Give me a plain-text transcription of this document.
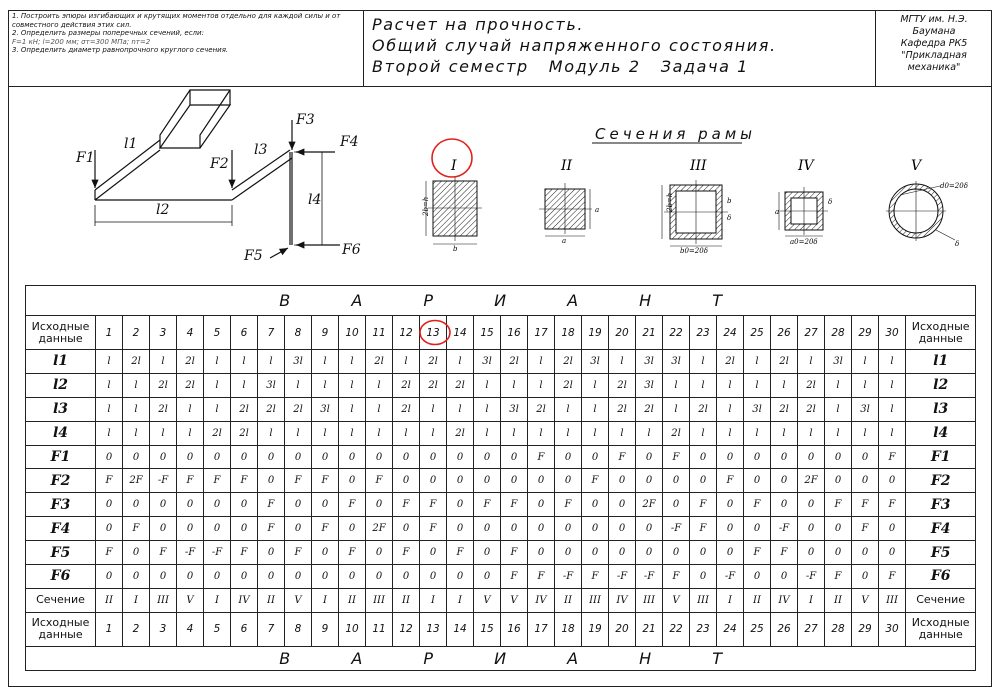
1. Построить эпюры изгибающих и крутящих моментов отдельно для каждой силы и от совместного действия этих сил.

2. Определить размеры поперечных сечений, если:

F=1 кН; l=200 мм; σт=300 МПа; nт=2

3. Определить диаметр равнопрочного круглого сечения.

Расчет на прочность.
Общий случай напряженного состояния.
Второй семестр   Модуль 2   Задача 1
МГТУ им. Н.Э. Баумана
Кафедра РК5
"Прикладная механика"
F1	F2
F3
F4
F5	F6
l1
l2
l3
l4
I
2b=h
b
II
a
a
III
2b=h	b
b0=20δ
δ
IV
a
a0=20δ
δ
V
d0=20δ
δ
Сечения рамы
В А Р И А Н Т																															
Исходные данные	1	2	3	4	5	6	7	8	9	10	11	12	13	14	15	16	17	18	19	20	21	22	23	24	25	26	27	28	29	30	Исходные данные
l1	l	2l	l	2l	l	l	l	3l	l	l	2l	l	2l	l	3l	2l	l	2l	3l	l	3l	3l	l	2l	l	2l	l	3l	l	l	l1
l2	l	l	2l	2l	l	l	3l	l	l	l	l	2l	2l	2l	l	l	l	2l	l	2l	3l	l	l	l	l	l	2l	l	l	l	l2
l3	l	l	2l	l	l	2l	2l	2l	3l	l	l	2l	l	l	l	3l	2l	l	l	2l	2l	l	2l	l	3l	2l	2l	l	3l	l	l3
l4	l	l	l	l	2l	2l	l	l	l	l	l	l	l	2l	l	l	l	l	l	l	l	2l	l	l	l	l	l	l	l	l	l4
F1	0	0	0	0	0	0	0	0	0	0	0	0	0	0	0	0	F	0	0	F	0	F	0	0	0	0	0	0	0	F	F1
F2	F	2F	-F	F	F	F	0	F	F	0	F	0	0	0	0	0	0	0	F	0	0	0	0	F	0	0	2F	0	0	0	F2
F3	0	0	0	0	0	0	F	0	0	F	0	F	F	0	F	F	0	F	0	0	2F	0	F	0	F	0	0	F	F	F	F3
F4	0	F	0	0	0	0	F	0	F	0	2F	0	F	0	0	0	0	0	0	0	0	-F	F	0	0	-F	0	0	F	0	F4
F5	F	0	F	-F	-F	F	0	F	0	F	0	F	0	F	0	F	0	0	0	0	0	0	0	0	F	F	0	0	0	0	F5
F6	0	0	0	0	0	0	0	0	0	0	0	0	0	0	0	F	F	-F	F	-F	-F	F	0	-F	0	0	-F	F	0	F	F6
Сечение	II	I	III	V	I	IV	II	V	I	II	III	II	I	I	V	V	IV	II	III	IV	III	V	III	I	II	IV	I	II	V	III	Сечение
Исходные данные	1	2	3	4	5	6	7	8	9	10	11	12	13	14	15	16	17	18	19	20	21	22	23	24	25	26	27	28	29	30	Исходные данные
В А Р И А Н Т																															
